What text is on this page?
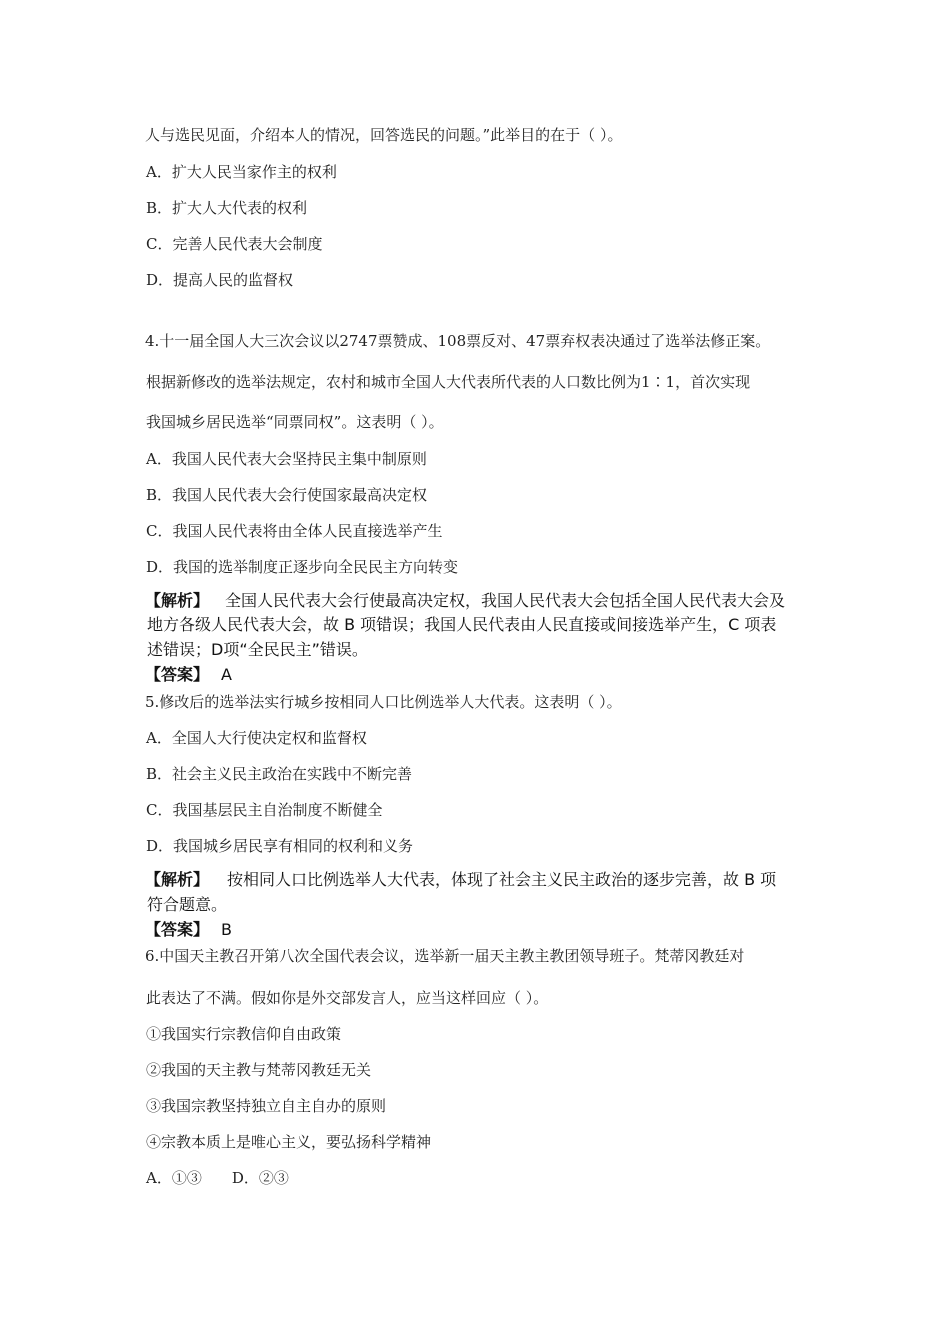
人与选民见面，介绍本人的情况，回答选民的问题。”此举目的在于（ ）。
A．扩大人民当家作主的权利
B．扩大人大代表的权利
C．完善人民代表大会制度
D．提高人民的监督权
4.十一届全国人大三次会议以2747票赞成、108票反对、47票弃权表决通过了选举法修正案。
根据新修改的选举法规定，农村和城市全国人大代表所代表的人口数比例为1∶1，首次实现
我国城乡居民选举“同票同权”。这表明（ ）。
A．我国人民代表大会坚持民主集中制原则
B．我国人民代表大会行使国家最高决定权
C．我国人民代表将由全体人民直接选举产生
D．我国的选举制度正逐步向全民民主方向转变
【解析】 全国人民代表大会行使最高决定权，我国人民代表大会包括全国人民代表大会及
地方各级人民代表大会，故 B 项错误；我国人民代表由人民直接或间接选举产生，C 项表
述错误；D项“全民民主”错误。
【答案】 A
5.修改后的选举法实行城乡按相同人口比例选举人大代表。这表明（ ）。
A．全国人大行使决定权和监督权
B．社会主义民主政治在实践中不断完善
C．我国基层民主自治制度不断健全
D．我国城乡居民享有相同的权利和义务
【解析】 按相同人口比例选举人大代表，体现了社会主义民主政治的逐步完善，故 B 项
符合题意。
【答案】 B
6.中国天主教召开第八次全国代表会议，选举新一届天主教主教团领导班子。梵蒂冈教廷对
此表达了不满。假如你是外交部发言人，应当这样回应（ ）。
①我国实行宗教信仰自由政策
②我国的天主教与梵蒂冈教廷无关
③我国宗教坚持独立自主自办的原则
④宗教本质上是唯心主义，要弘扬科学精神
A．①③　　D．②③
